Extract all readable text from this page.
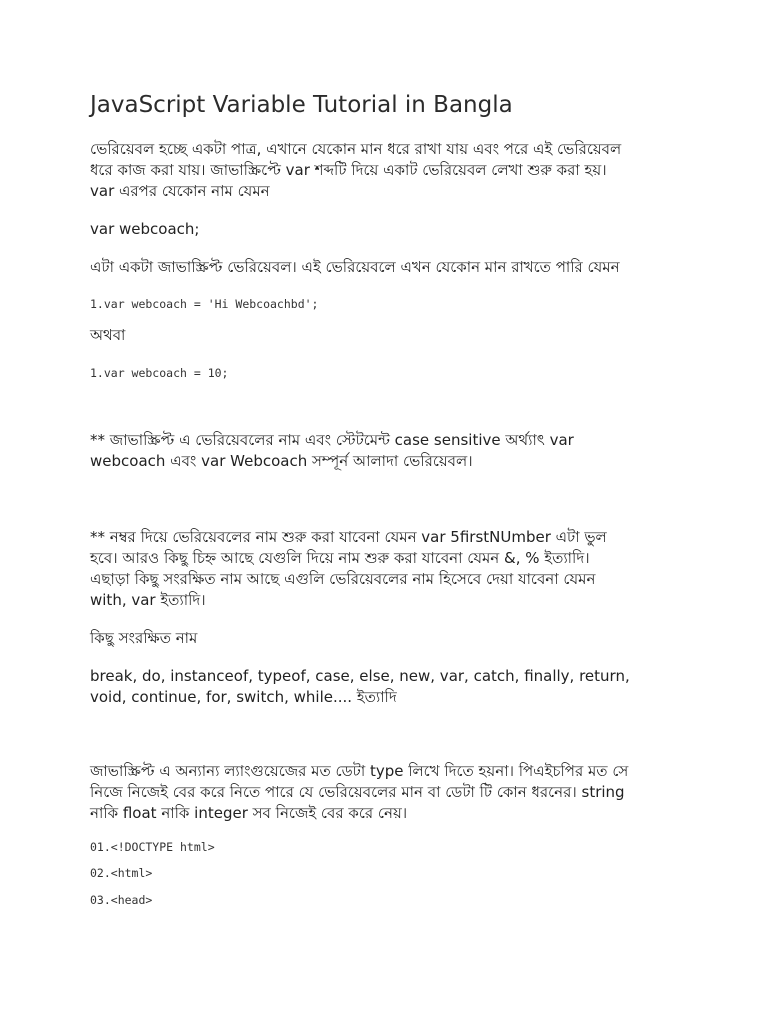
JavaScript Variable Tutorial in Bangla

ভেরিয়েবল হচ্ছে একটা পাত্র, এখানে যেকোন মান ধরে রাখা যায় এবং পরে এই ভেরিয়েবল
ধরে কাজ করা যায়। জাভাস্ক্রিপ্টে var শব্দটি দিয়ে একাট ভেরিয়েবল লেখা শুরু করা হয়।
var এরপর যেকোন নাম যেমন

var webcoach;

এটা একটা জাভাস্ক্রিপ্ট ভেরিয়েবল। এই ভেরিয়েবলে এখন যেকোন মান রাখতে পারি যেমন

1.var webcoach = 'Hi Webcoachbd';

অথবা

1.var webcoach = 10;

** জাভাস্ক্রিপ্ট এ ভেরিয়েবলের নাম এবং স্টেটমেন্ট case sensitive অর্থ্যাৎ var
webcoach এবং var Webcoach সম্পূর্ন আলাদা ভেরিয়েবল।

** নম্বর দিয়ে ভেরিয়েবলের নাম শুরু করা যাবেনা যেমন var 5firstNUmber এটা ভুল
হবে। আরও কিছু চিহ্ন আছে যেগুলি দিয়ে নাম শুরু করা যাবেনা যেমন &, % ইত্যাদি।
এছাড়া কিছু সংরক্ষিত নাম আছে এগুলি ভেরিয়েবলের নাম হিসেবে দেয়া যাবেনা যেমন
with, var ইত্যাদি।

কিছু সংরক্ষিত নাম

break, do, instanceof, typeof, case, else, new, var, catch, finally, return,
void, continue, for, switch, while.... ইত্যাদি

জাভাস্ক্রিপ্ট এ অন্যান্য ল্যাংগুয়েজের মত ডেটা type লিখে দিতে হয়না। পিএইচপির মত সে
নিজে নিজেই বের করে নিতে পারে যে ভেরিয়েবলের মান বা ডেটা টি কোন ধরনের। string
নাকি float নাকি integer সব নিজেই বের করে নেয়।

01.<!DOCTYPE html>
02.<html>
03.<head>
